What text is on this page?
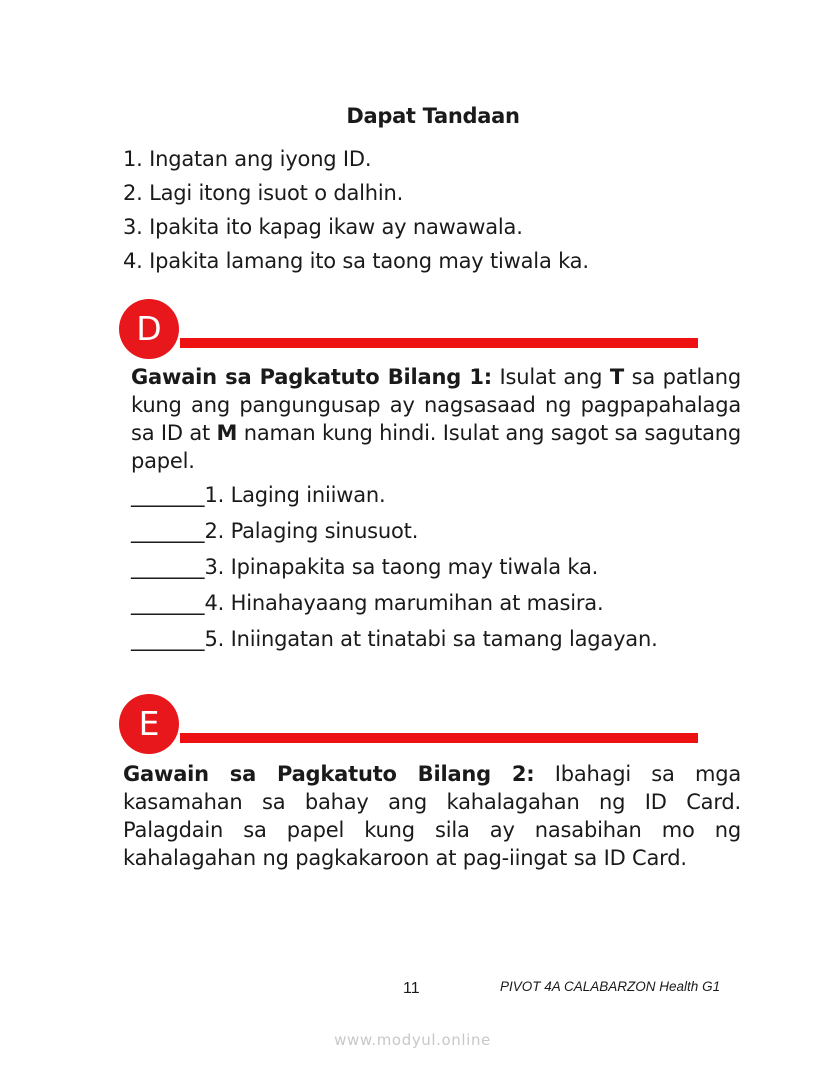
Dapat Tandaan
1. Ingatan ang iyong ID.
2. Lagi itong isuot o dalhin.
3. Ipakita ito kapag ikaw ay nawawala.
4. Ipakita lamang ito sa taong may tiwala ka.
D

Gawain sa Pagkatuto Bilang 1: Isulat ang T sa patlang kung ang pangungusap ay nagsasaad ng pagpapahalaga sa ID at M naman kung hindi. Isulat ang sagot sa sagutang papel.

_______1. Laging iniiwan.
_______2. Palaging sinusuot.
_______3. Ipinapakita sa taong may tiwala ka.
_______4. Hinahayaang marumihan at masira.
_______5. Iniingatan at tinatabi sa tamang lagayan.
E

Gawain sa Pagkatuto Bilang 2: Ibahagi sa mga kasamahan sa bahay ang kahalagahan ng ID Card. Palagdain sa papel kung sila ay nasabihan mo ng kahalagahan ng pagkakaroon at pag-iingat sa ID Card.

11	PIVOT 4A CALABARZON Health G1
www.modyul.online
